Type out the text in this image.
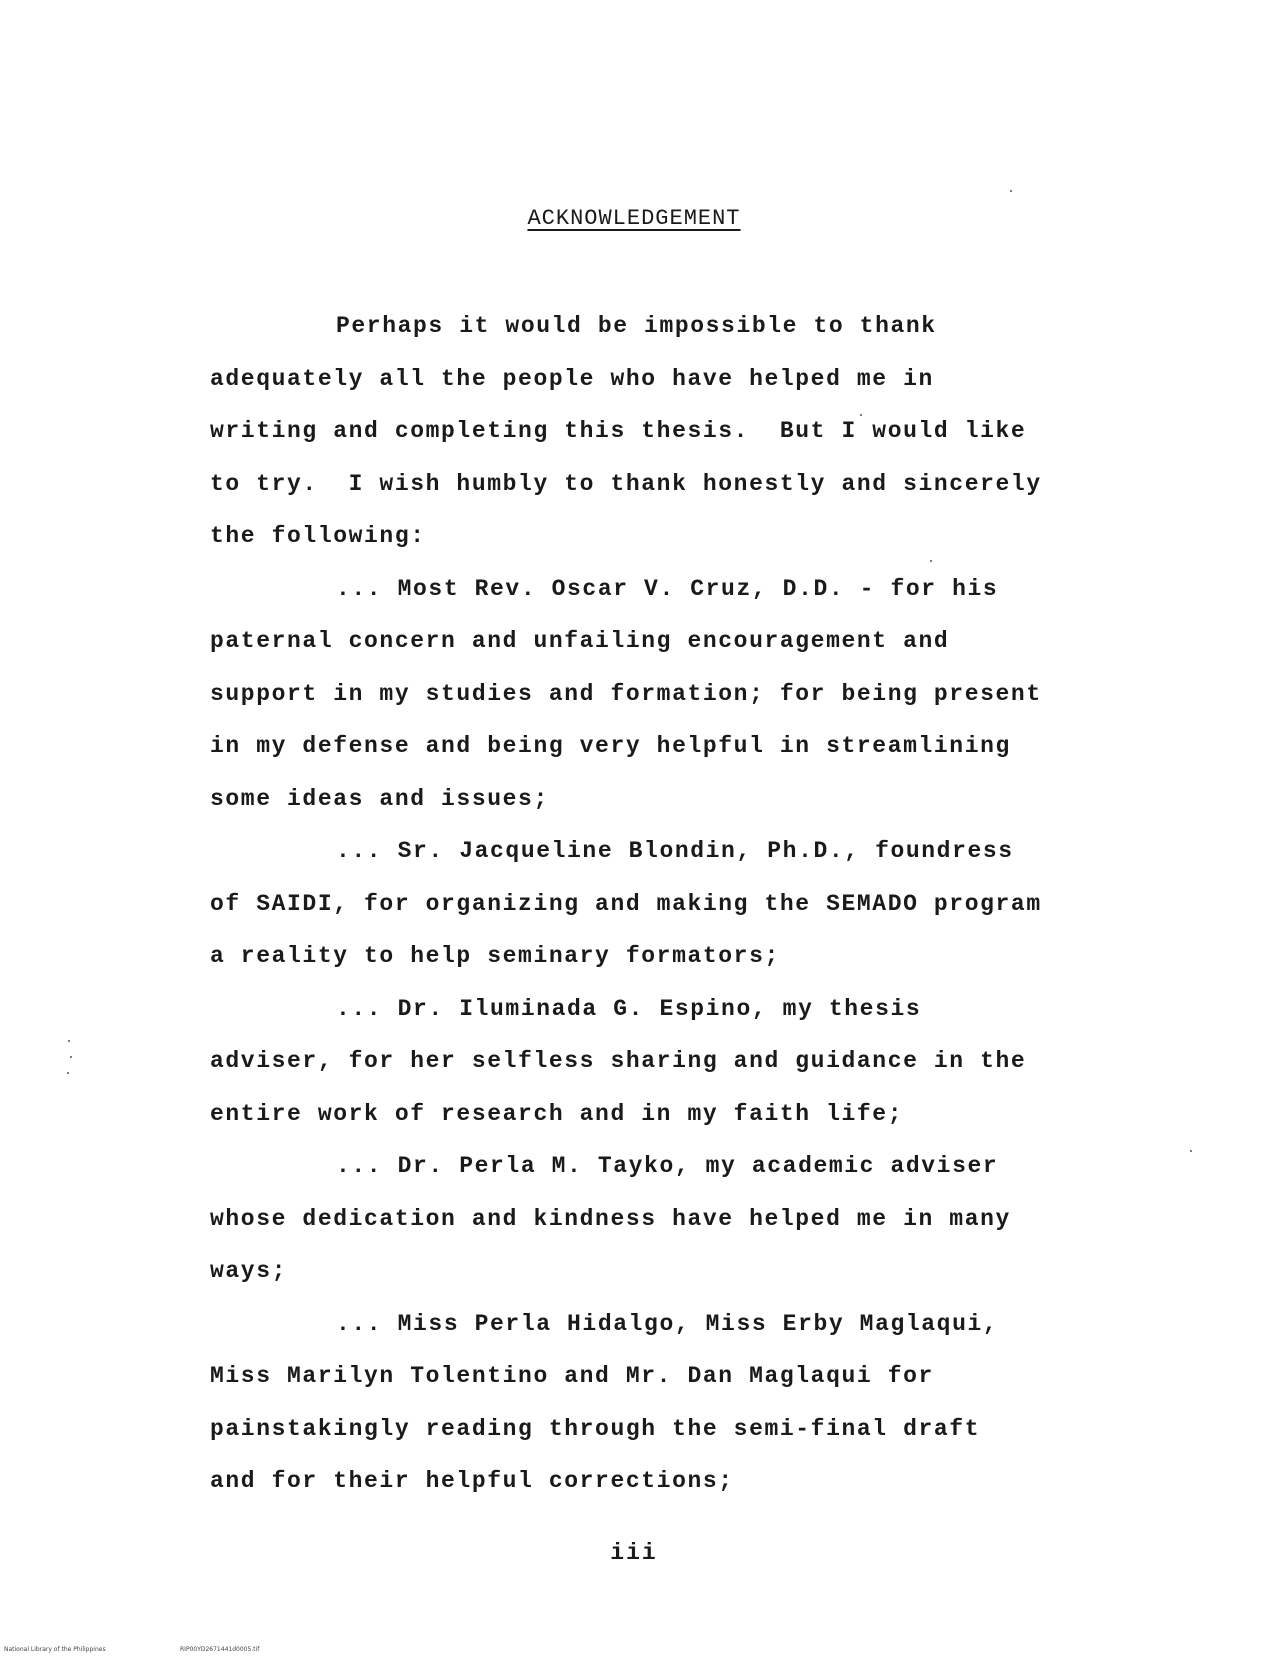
ACKNOWLEDGEMENT
Perhaps it would be impossible to thank
adequately all the people who have helped me in
writing and completing this thesis.  But I would like
to try.  I wish humbly to thank honestly and sincerely
the following:
... Most Rev. Oscar V. Cruz, D.D. - for his
paternal concern and unfailing encouragement and
support in my studies and formation; for being present
in my defense and being very helpful in streamlining
some ideas and issues;
... Sr. Jacqueline Blondin, Ph.D., foundress
of SAIDI, for organizing and making the SEMADO program
a reality to help seminary formators;
... Dr. Iluminada G. Espino, my thesis
adviser, for her selfless sharing and guidance in the
entire work of research and in my faith life;
... Dr. Perla M. Tayko, my academic adviser
whose dedication and kindness have helped me in many
ways;
... Miss Perla Hidalgo, Miss Erby Maglaqui,
Miss Marilyn Tolentino and Mr. Dan Maglaqui for
painstakingly reading through the semi-final draft
and for their helpful corrections;
iii
National Library of the Philippines	RIP00YD2671441d0005.tif
